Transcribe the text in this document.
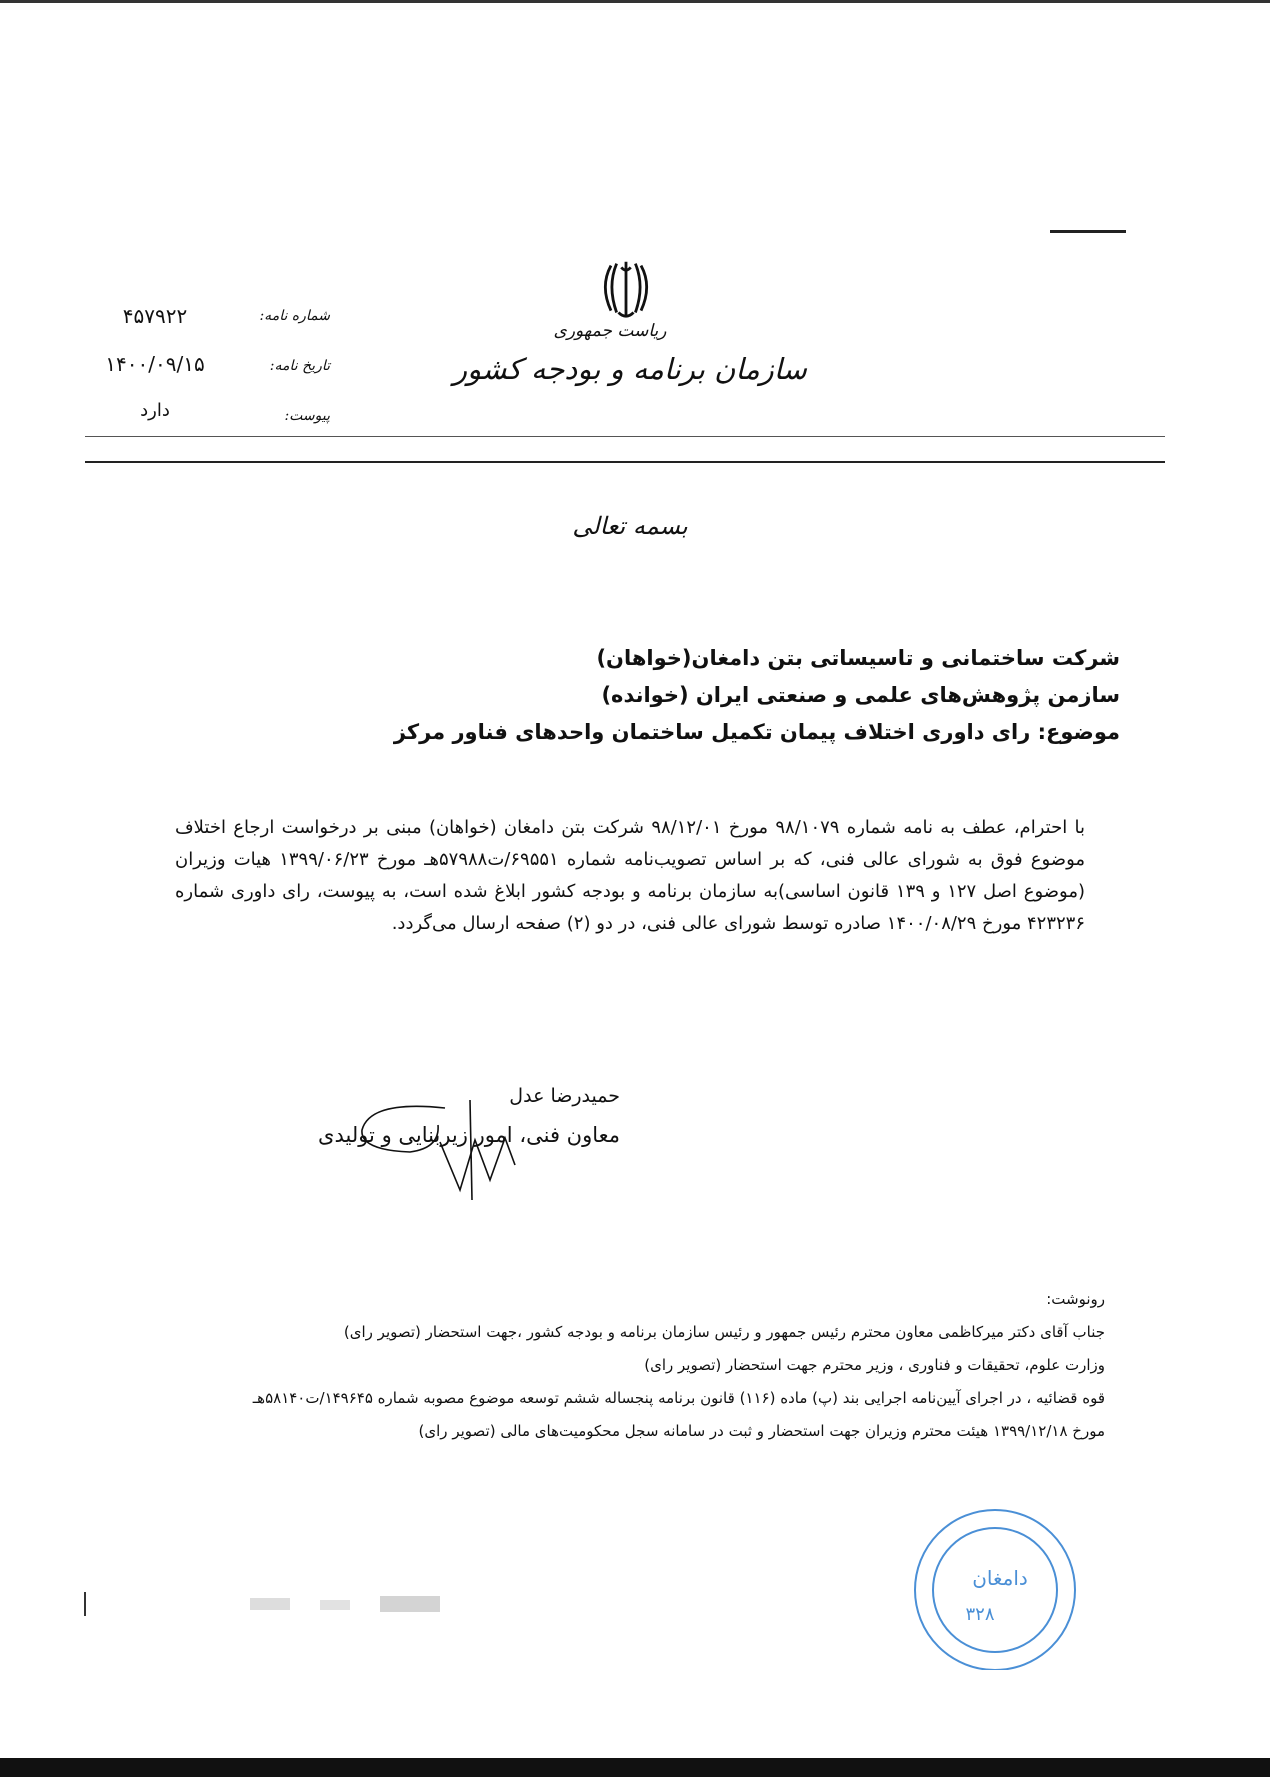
ریاست جمهوری
سازمان برنامه و بودجه کشور
شماره نامه:
تاریخ نامه:
پیوست:
۴۵۷۹۲۲
۱۴۰۰/۰۹/۱۵
دارد
بسمه تعالی
شرکت ساختمانی و تاسیساتی بتن دامغان(خواهان)
سازمن پژوهش‌های علمی و صنعتی ایران (خوانده)
موضوع: رای داوری اختلاف پیمان تکمیل ساختمان واحدهای فناور مرکز
با احترام، عطف به نامه شماره ۹۸/۱۰۷۹ مورخ ۹۸/۱۲/۰۱ شرکت بتن دامغان (خواهان) مبنی بر درخواست ارجاع اختلاف موضوع فوق به شورای عالی فنی، که بر اساس تصویب‌نامه شماره ۶۹۵۵۱/ت۵۷۹۸۸هـ مورخ ۱۳۹۹/۰۶/۲۳ هیات وزیران (موضوع اصل ۱۲۷ و ۱۳۹ قانون اساسی)به سازمان برنامه و بودجه کشور ابلاغ شده است، به پیوست، رای داوری شماره ۴۲۳۲۳۶ مورخ ۱۴۰۰/۰۸/۲۹ صادره توسط شورای عالی فنی، در دو (۲) صفحه ارسال می‌گردد.
حمیدرضا عدل
معاون فنی، امور زیربنایی و تولیدی
رونوشت:
جناب آقای دکتر میرکاظمی معاون محترم رئیس جمهور و رئیس سازمان برنامه و بودجه کشور ،جهت استحضار (تصویر رای)
وزارت علوم، تحقیقات و فناوری ، وزیر محترم جهت استحضار (تصویر رای)
قوه قضائیه ، در اجرای آیین‌نامه اجرایی بند (پ) ماده (۱۱۶) قانون برنامه پنجساله ششم توسعه موضوع مصوبه شماره ۱۴۹۶۴۵/ت۵۸۱۴۰هـ مورخ ۱۳۹۹/۱۲/۱۸ هیئت محترم وزیران جهت استحضار و ثبت در سامانه سجل محکومیت‌های مالی (تصویر رای)
دامغان
۳۲۸
